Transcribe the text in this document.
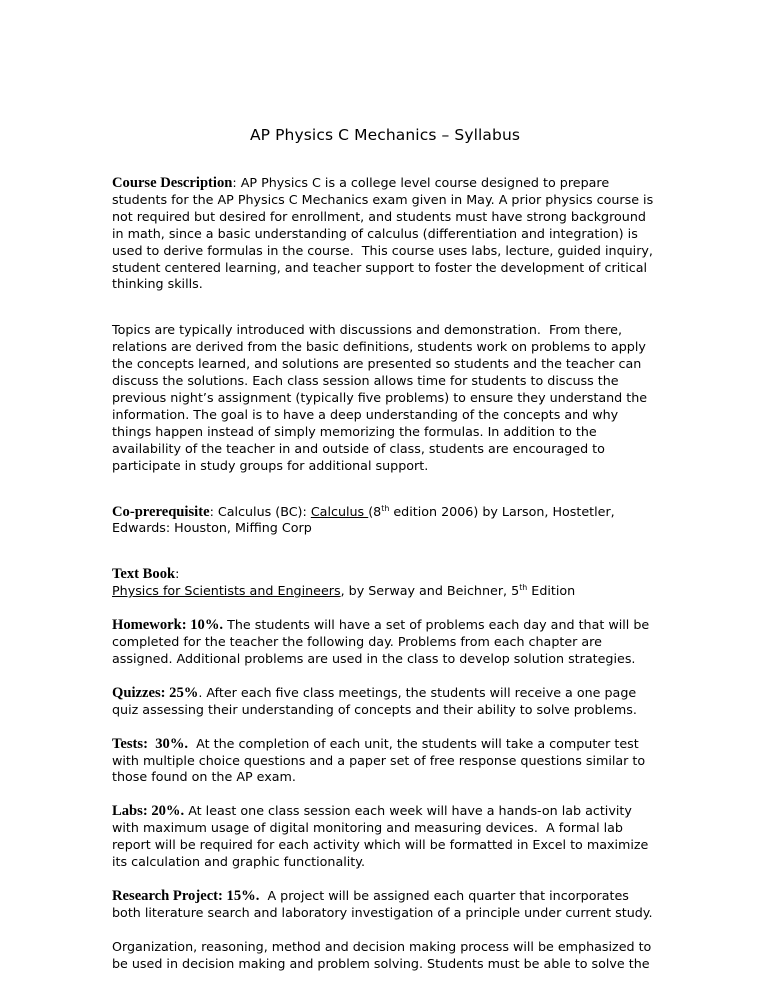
AP Physics C Mechanics – Syllabus

Course Description: AP Physics C is a college level course designed to prepare students for the AP Physics C Mechanics exam given in May. A prior physics course is not required but desired for enrollment, and students must have strong background in math, since a basic understanding of calculus (differentiation and integration) is used to derive formulas in the course.  This course uses labs, lecture, guided inquiry, student centered learning, and teacher support to foster the development of critical thinking skills.

Topics are typically introduced with discussions and demonstration.  From there, relations are derived from the basic definitions, students work on problems to apply the concepts learned, and solutions are presented so students and the teacher can discuss the solutions. Each class session allows time for students to discuss the previous night’s assignment (typically five problems) to ensure they understand the information. The goal is to have a deep understanding of the concepts and why things happen instead of simply memorizing the formulas. In addition to the availability of the teacher in and outside of class, students are encouraged to participate in study groups for additional support.

Co-prerequisite: Calculus (BC): Calculus (8th edition 2006) by Larson, Hostetler, Edwards: Houston, Miffing Corp

Text Book:
Physics for Scientists and Engineers, by Serway and Beichner, 5th Edition

Homework: 10%. The students will have a set of problems each day and that will be completed for the teacher the following day. Problems from each chapter are assigned. Additional problems are used in the class to develop solution strategies.

Quizzes: 25%. After each five class meetings, the students will receive a one page quiz assessing their understanding of concepts and their ability to solve problems.

Tests:  30%. At the completion of each unit, the students will take a computer test with multiple choice questions and a paper set of free response questions similar to those found on the AP exam.

Labs: 20%. At least one class session each week will have a hands-on lab activity with maximum usage of digital monitoring and measuring devices.  A formal lab report will be required for each activity which will be formatted in Excel to maximize its calculation and graphic functionality.

Research Project: 15%. A project will be assigned each quarter that incorporates both literature search and laboratory investigation of a principle under current study.

Organization, reasoning, method and decision making process will be emphasized to be used in decision making and problem solving. Students must be able to solve the
